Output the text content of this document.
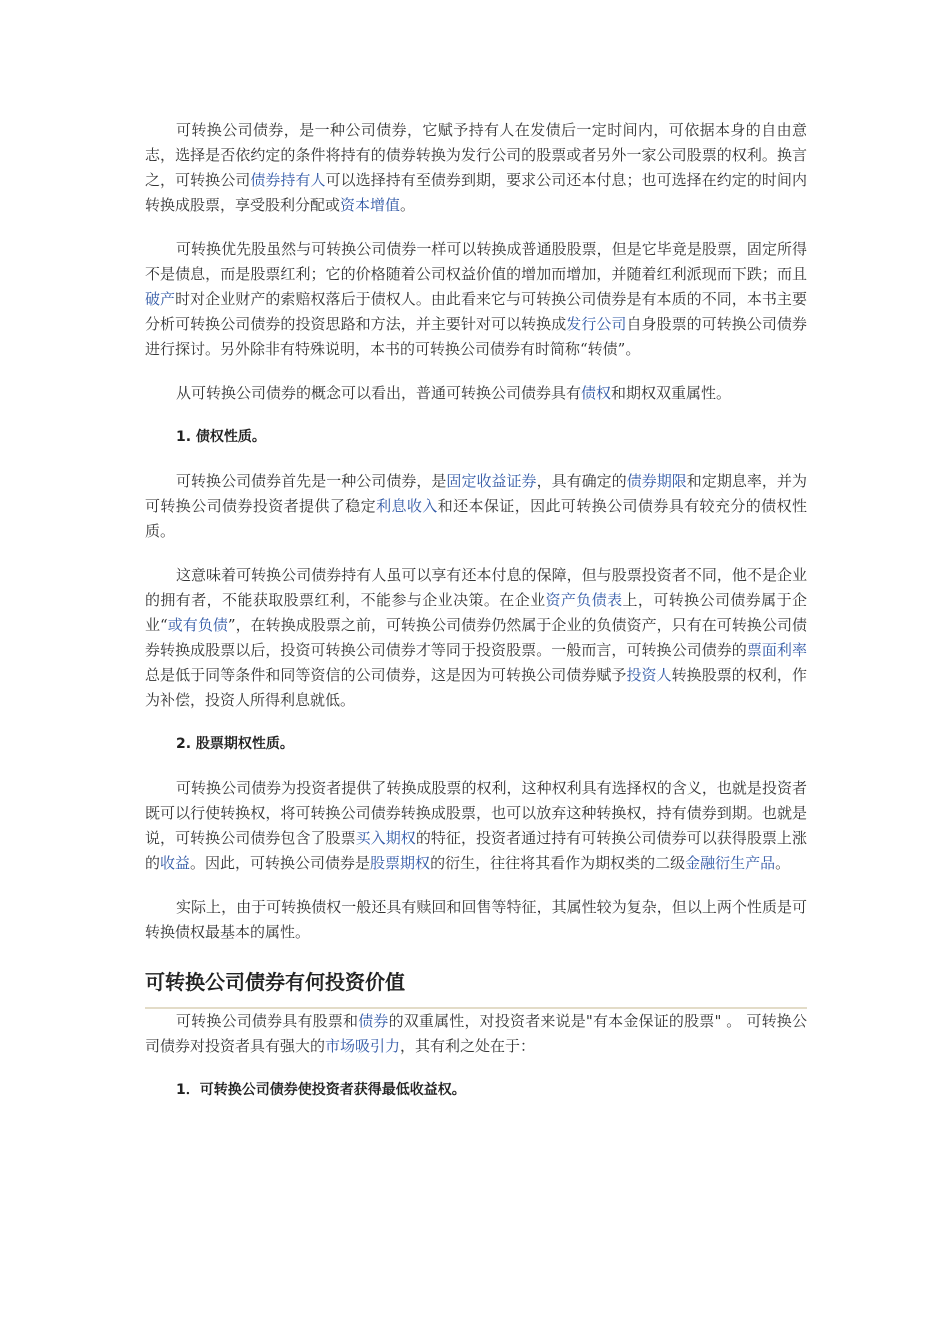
可转换公司债券，是一种公司债券，它赋予持有人在发债后一定时间内，可依据本身的自由意志，选择是否依约定的条件将持有的债券转换为发行公司的股票或者另外一家公司股票的权利。换言之，可转换公司债券持有人可以选择持有至债券到期，要求公司还本付息；也可选择在约定的时间内转换成股票，享受股利分配或资本增值。

可转换优先股虽然与可转换公司债券一样可以转换成普通股股票，但是它毕竟是股票，固定所得不是债息，而是股票红利；它的价格随着公司权益价值的增加而增加，并随着红利派现而下跌；而且破产时对企业财产的索赔权落后于债权人。由此看来它与可转换公司债券是有本质的不同，本书主要分析可转换公司债券的投资思路和方法，并主要针对可以转换成发行公司自身股票的可转换公司债券进行探讨。另外除非有特殊说明，本书的可转换公司债券有时简称“转债”。

从可转换公司债券的概念可以看出，普通可转换公司债券具有债权和期权双重属性。

1. 债权性质。

可转换公司债券首先是一种公司债券，是固定收益证券，具有确定的债券期限和定期息率，并为可转换公司债券投资者提供了稳定利息收入和还本保证，因此可转换公司债券具有较充分的债权性质。

这意味着可转换公司债券持有人虽可以享有还本付息的保障，但与股票投资者不同，他不是企业的拥有者，不能获取股票红利，不能参与企业决策。在企业资产负债表上，可转换公司债券属于企业“或有负债”，在转换成股票之前，可转换公司债券仍然属于企业的负债资产，只有在可转换公司债券转换成股票以后，投资可转换公司债券才等同于投资股票。一般而言，可转换公司债券的票面利率总是低于同等条件和同等资信的公司债券，这是因为可转换公司债券赋予投资人转换股票的权利，作为补偿，投资人所得利息就低。

2. 股票期权性质。

可转换公司债券为投资者提供了转换成股票的权利，这种权利具有选择权的含义，也就是投资者既可以行使转换权，将可转换公司债券转换成股票，也可以放弃这种转换权，持有债券到期。也就是说，可转换公司债券包含了股票买入期权的特征，投资者通过持有可转换公司债券可以获得股票上涨的收益。因此，可转换公司债券是股票期权的衍生，往往将其看作为期权类的二级金融衍生产品。

实际上，由于可转换债权一般还具有赎回和回售等特征，其属性较为复杂，但以上两个性质是可转换债权最基本的属性。

可转换公司债券有何投资价值

可转换公司债券具有股票和债券的双重属性，对投资者来说是"有本金保证的股票" 。 可转换公司债券对投资者具有强大的市场吸引力，其有利之处在于：

1．可转换公司债券使投资者获得最低收益权。
